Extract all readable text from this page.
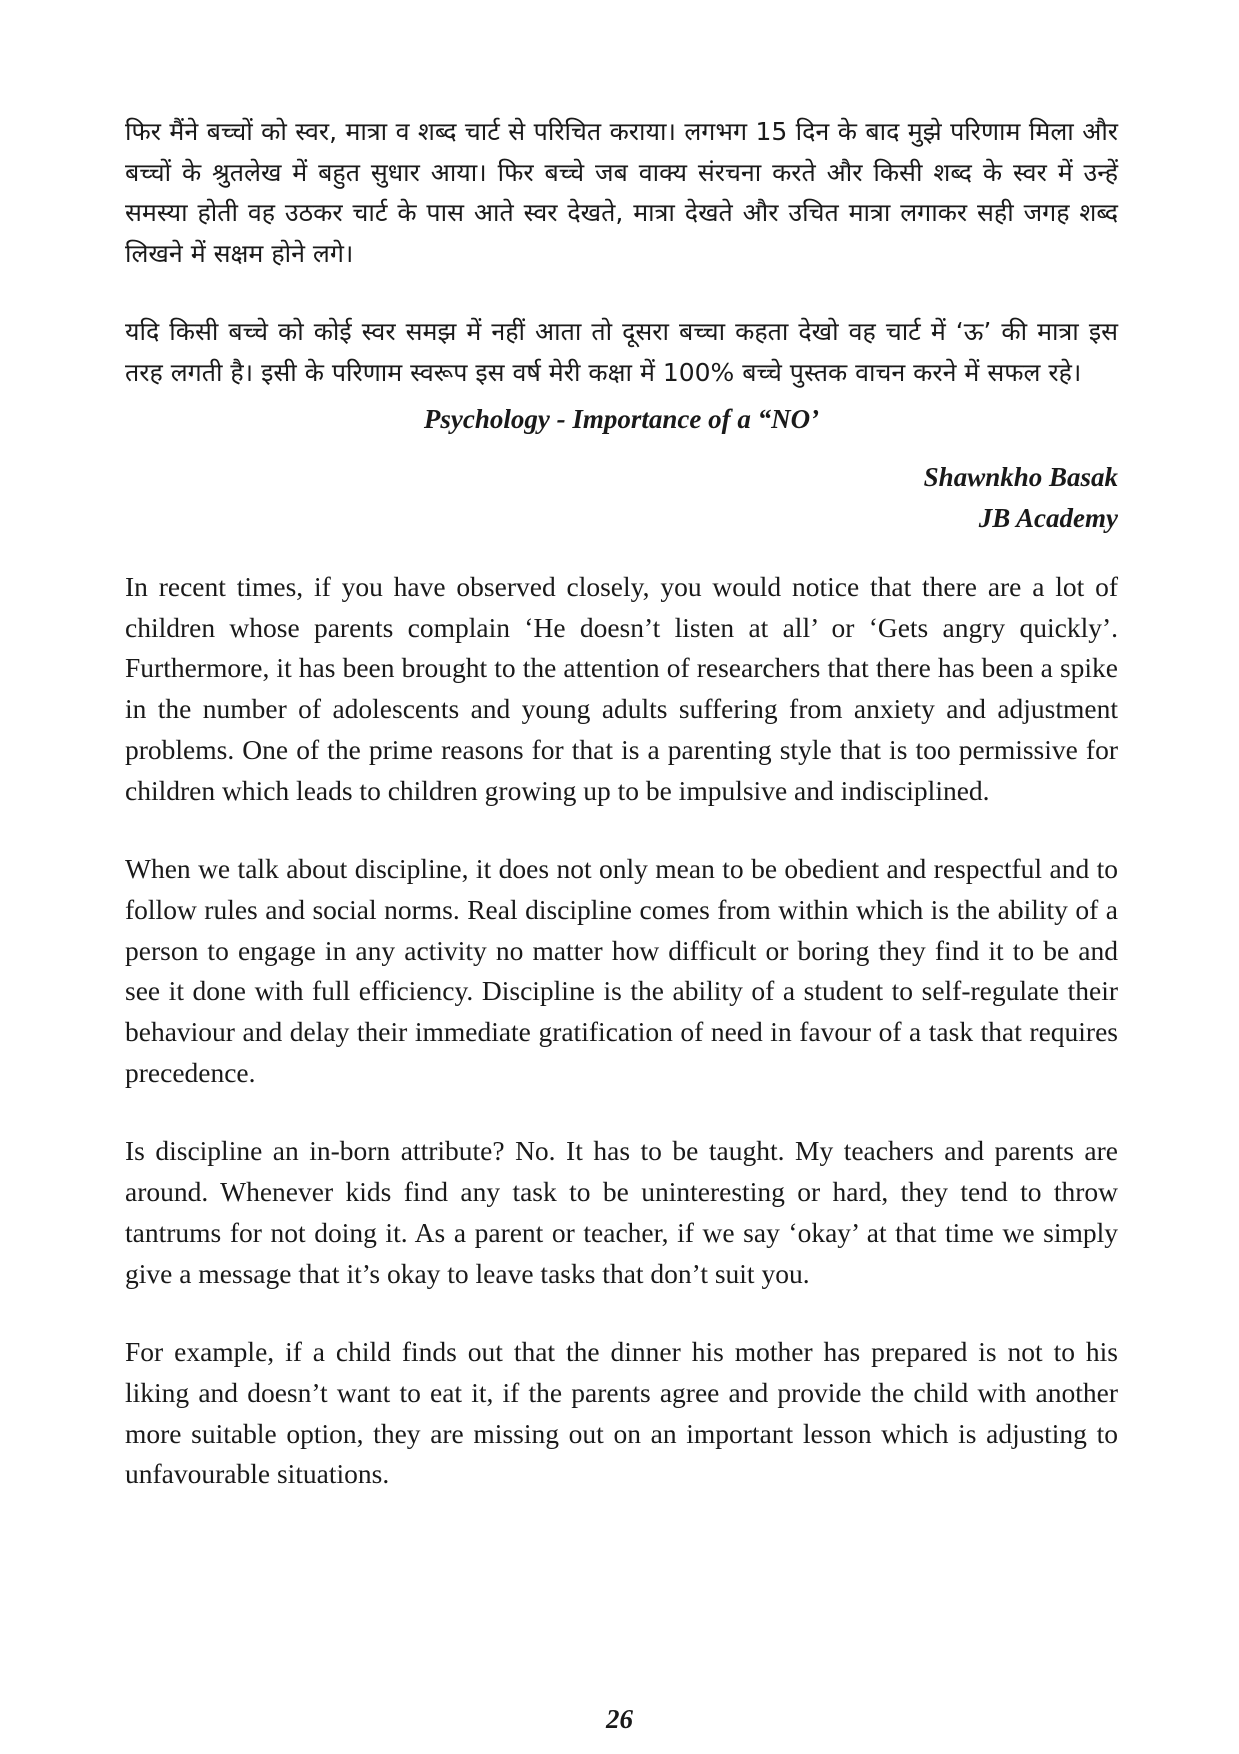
फिर मैंने बच्चों को स्वर, मात्रा व शब्द चार्ट से परिचित कराया। लगभग 15 दिन के बाद मुझे परिणाम मिला और बच्चों के श्रुतलेख में बहुत सुधार आया। फिर बच्चे जब वाक्य संरचना करते और किसी शब्द के स्वर में उन्हें समस्या होती वह उठकर चार्ट के पास आते स्वर देखते, मात्रा देखते और उचित मात्रा लगाकर सही जगह शब्द लिखने में सक्षम होने लगे।

यदि किसी बच्चे को कोई स्वर समझ में नहीं आता तो दूसरा बच्चा कहता देखो वह चार्ट में ‘ऊ’ की मात्रा इस तरह लगती है। इसी के परिणाम स्वरूप इस वर्ष मेरी कक्षा में 100% बच्चे पुस्तक वाचन करने में सफल रहे।

Psychology - Importance of a “NO’

Shawnkho Basak

JB Academy

In recent times, if you have observed closely, you would notice that there are a lot of children whose parents complain ‘He doesn’t listen at all’ or ‘Gets angry quickly’. Furthermore, it has been brought to the attention of researchers that there has been a spike in the number of adolescents and young adults suffering from anxiety and adjustment problems. One of the prime reasons for that is a parenting style that is too permissive for children which leads to children growing up to be impulsive and indisciplined.

When we talk about discipline, it does not only mean to be obedient and respectful and to follow rules and social norms. Real discipline comes from within which is the ability of a person to engage in any activity no matter how difficult or boring they find it to be and see it done with full efficiency. Discipline is the ability of a student to self-regulate their behaviour and delay their immediate gratification of need in favour of a task that requires precedence.

Is discipline an in-born attribute? No. It has to be taught. My teachers and parents are around. Whenever kids find any task to be uninteresting or hard, they tend to throw tantrums for not doing it. As a parent or teacher, if we say ‘okay’ at that time we simply give a message that it’s okay to leave tasks that don’t suit you.

For example, if a child finds out that the dinner his mother has prepared is not to his liking and doesn’t want to eat it, if the parents agree and provide the child with another more suitable option, they are missing out on an important lesson which is adjusting to unfavourable situations.

26
